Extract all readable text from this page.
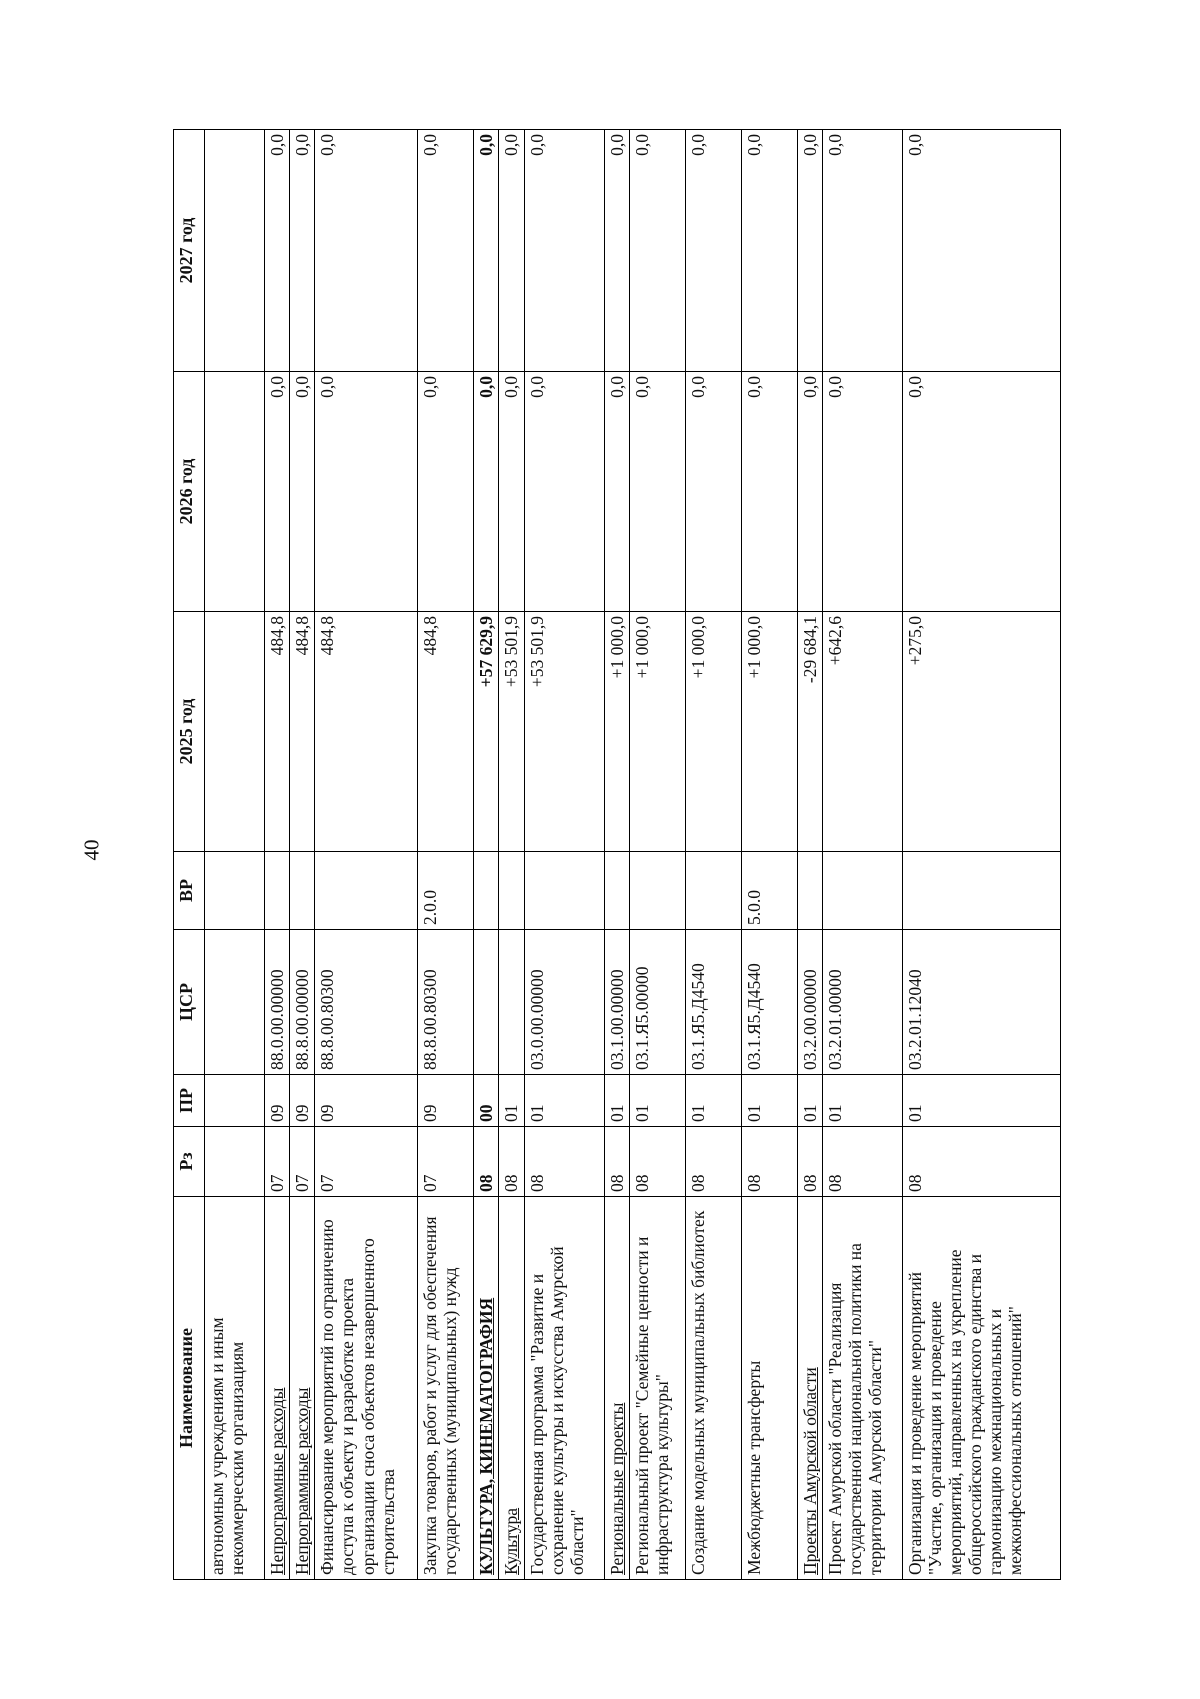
40
Наименование	Рз	ПР	ЦСР	ВР	2025 год	2026 год	2027 год
автономным учреждениям и иным некоммерческим организациям							
Непрограммные расходы	07	09	88.0.00.00000		484,8	0,0	0,0
Непрограммные расходы	07	09	88.8.00.00000		484,8	0,0	0,0
Финансирование мероприятий по ограничению доступа к объекту и разработке проекта организации сноса объектов незавершенного строительства	07	09	88.8.00.80300		484,8	0,0	0,0
Закупка товаров, работ и услуг для обеспечения государственных (муниципальных) нужд	07	09	88.8.00.80300	2.0.0	484,8	0,0	0,0
КУЛЬТУРА, КИНЕМАТОГРАФИЯ	08	00			+57 629,9	0,0	0,0
Культура	08	01			+53 501,9	0,0	0,0
Государственная программа "Развитие и сохранение культуры и искусства Амурской области"	08	01	03.0.00.00000		+53 501,9	0,0	0,0
Региональные проекты	08	01	03.1.00.00000		+1 000,0	0,0	0,0
Региональный проект "Семейные ценности и инфраструктура культуры"	08	01	03.1.Я5.00000		+1 000,0	0,0	0,0
Создание модельных муниципальных библиотек	08	01	03.1.Я5.Д4540		+1 000,0	0,0	0,0
Межбюджетные трансферты	08	01	03.1.Я5.Д4540	5.0.0	+1 000,0	0,0	0,0
Проекты Амурской области	08	01	03.2.00.00000		-29 684,1	0,0	0,0
Проект Амурской области "Реализация государственной национальной политики на территории Амурской области"	08	01	03.2.01.00000		+642,6	0,0	0,0
Организация и проведение мероприятий "Участие, организация и проведение мероприятий, направленных на укрепление общероссийского гражданского единства и гармонизацию межнациональных и межконфессиональных отношений"	08	01	03.2.01.12040		+275,0	0,0	0,0
